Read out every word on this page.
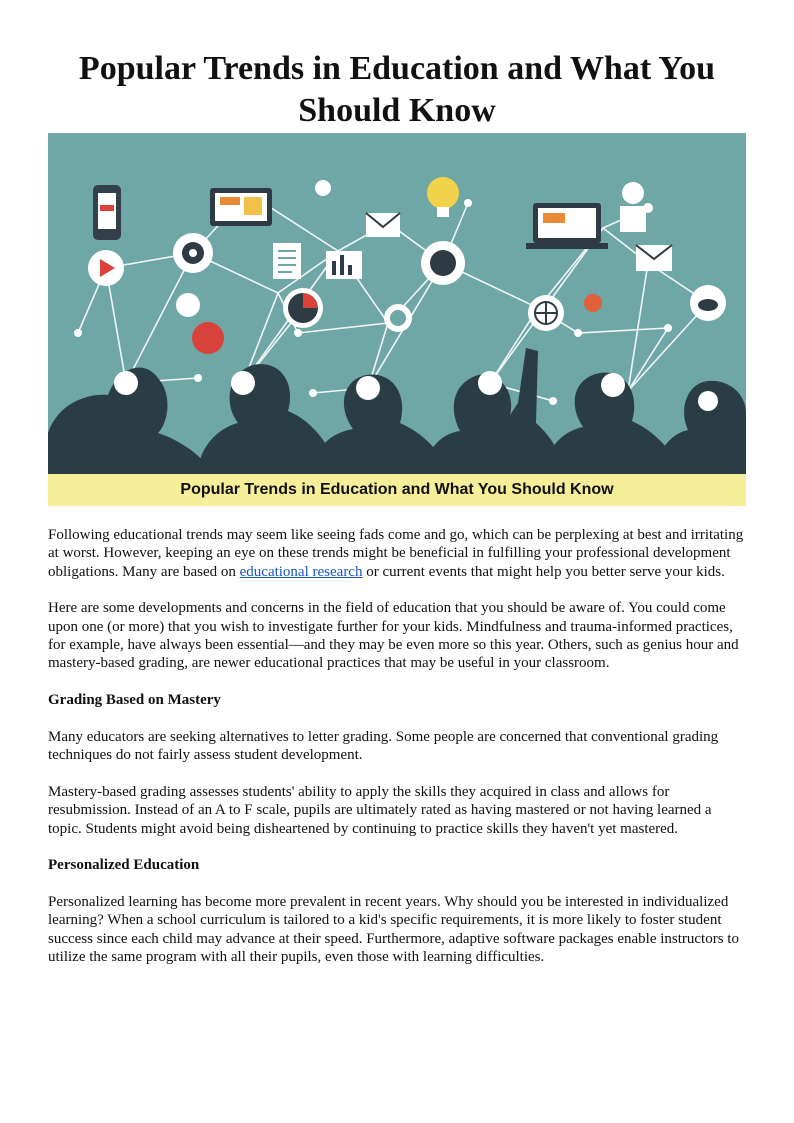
Popular Trends in Education and What You Should Know
Popular Trends in Education and What You Should Know

Following educational trends may seem like seeing fads come and go, which can be perplexing at best and irritating at worst. However, keeping an eye on these trends might be beneficial in fulfilling your professional development obligations. Many are based on educational research or current events that might help you better serve your kids.

Here are some developments and concerns in the field of education that you should be aware of. You could come upon one (or more) that you wish to investigate further for your kids. Mindfulness and trauma-informed practices, for example, have always been essential—and they may be even more so this year. Others, such as genius hour and mastery-based grading, are newer educational practices that may be useful in your classroom.

Grading Based on Mastery

Many educators are seeking alternatives to letter grading. Some people are concerned that conventional grading techniques do not fairly assess student development.

Mastery-based grading assesses students' ability to apply the skills they acquired in class and allows for resubmission. Instead of an A to F scale, pupils are ultimately rated as having mastered or not having learned a topic. Students might avoid being disheartened by continuing to practice skills they haven't yet mastered.

Personalized Education

Personalized learning has become more prevalent in recent years. Why should you be interested in individualized learning? When a school curriculum is tailored to a kid's specific requirements, it is more likely to foster student success since each child may advance at their speed. Furthermore, adaptive software packages enable instructors to utilize the same program with all their pupils, even those with learning difficulties.
